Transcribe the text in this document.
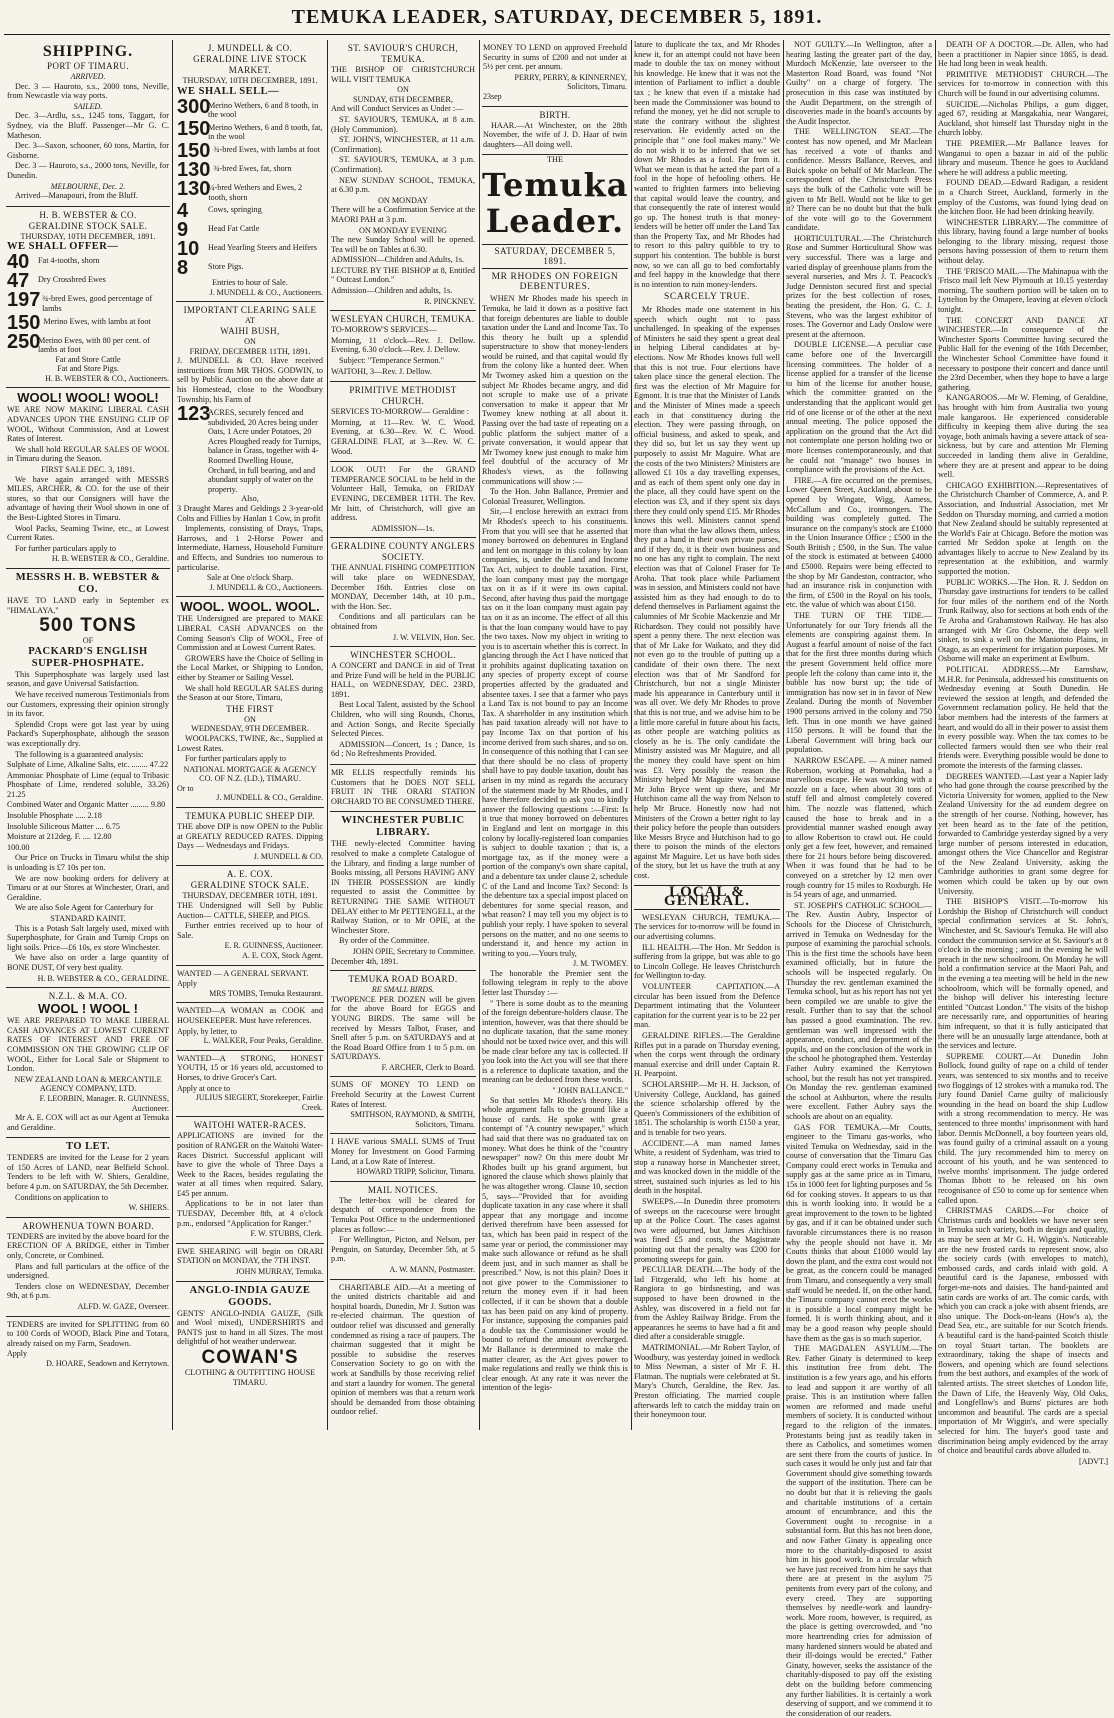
TEMUKA LEADER, SATURDAY, DECEMBER 5, 1891.
SHIPPING.
PORT OF TIMARU.
ARRIVED.

Dec. 3 — Hauroto, s.s., 2000 tons, Neville, from Newcastle via way ports.

SAILED.

Dec. 3—Ardlu, s.s., 1245 tons, Taggart, for Sydney, via the Bluff. Passenger—Mr G. C. Matheson.

Dec. 3—Saxon, schooner, 60 tons, Martin, for Gisborne.

Dec. 3 — Hauroto, s.s., 2000 tons, Neville, for Dunedin.

MELBOURNE, Dec. 2.

Arrived—Manapouri, from the Bluff.

H. B. WEBSTER & CO.
GERALDINE STOCK SALE.
THURSDAY, 10TH DECEMBER, 1891.
WE SHALL OFFER—
40	Fat 4-tooths, shorn
47	Dry Crossbred Ewes
197 ¾-bred Ewes, good percentage of lambs
150 Merino Ewes, with lambs at foot
250
Merino Ewes, with 80 per cent. of lambs at foot
Fat and Store Cattle
Fat and Store Pigs.
H. B. WEBSTER & CO., Auctioneers.
WOOL! WOOL! WOOL!

WE ARE NOW MAKING LIBERAL CASH ADVANCES UPON THE ENSUING CLIP OF WOOL, Without Commission, And at Lowest Rates of Interest.

We shall hold REGULAR SALES OF WOOL in Timaru during the Season.

FIRST SALE DEC. 3, 1891.

We have again arranged with MESSRS MILES, ARCHER, & CO. for the use of their stores, so that our Consigners will have the advantage of having their Wool shown in one of the Best-Lighted Stores in Timaru.

Wool Packs, Seaming Twine, etc., at Lowest Current Rates.

For further particulars apply to

H. B. WEBSTER & CO., Geraldine.
MESSRS H. B. WEBSTER & CO.

HAVE TO LAND early in September ex "HIMALAYA,"

500 TONS
OF
PACKARD'S ENGLISH SUPER-PHOSPHATE.

This Superphosphate was largely used last season, and gave Universal Satisfaction.

We have received numerous Testimonials from our Customers, expressing their opinion strongly in its favor.

Splendid Crops were got last year by using Packard's Superphosphate, although the season was exceptionally dry.

The following is a guaranteed analysis:

Sulphate of Lime, Alkaline Salts, etc. ........ 47.22

Ammoniac Phosphate of Lime (equal to Tribasic Phosphate of Lime, rendered soluble, 33.26) 21.25

Combined Water and Organic Matter ......... 9.80

Insoluble Phosphate ..... 2.18

Insoluble Siliceous Matter .... 6.75

Moisture at 212deg. F. .... 12.80

100.00

Our Price on Trucks in Timaru whilst the ship is unloading is £7 10s per ton.

We are now booking orders for delivery at Timaru or at our Stores at Winchester, Orari, and Geraldine.

We are also Sole Agent for Canterbury for

STANDARD KAINIT.

This is a Potash Salt largely used, mixed with Superphosphate, for Grain and Turnip Crops on light soils. Price—£6 10s, ex store Winchester.

We have also on order a large quantity of BONE DUST, Of very best quality.

H. B. WEBSTER & CO., GERALDINE.
N.Z.L. & M.A. CO.
WOOL ! WOOL !

WE ARE PREPARED TO MAKE LIBERAL CASH ADVANCES AT LOWEST CURRENT RATES OF INTEREST AND FREE OF COMMISSION ON THE GROWING CLIP OF WOOL, Either for Local Sale or Shipment to London.

NEW ZEALAND LOAN & MERCANTILE AGENCY COMPANY, LTD.
F. LEORBIN, Manager. R. GUINNESS, Auctioneer.

Mr A. E. COX will act as our Agent at Temuka and Geraldine.

TO LET.

TENDERS are invited for the Lease for 2 years of 150 Acres of LAND, near Belfield School. Tenders to be left with W. Shiers, Geraldine, before 4 p.m. on SATURDAY, the 5th December.

Conditions on application to

W. SHIERS.
AROWHENUA TOWN BOARD.

TENDERS are invited by the above board for the ERECTION OF A BRIDGE, either in Timber only, Concrete, or Combined.

Plans and full particulars at the office of the undersigned.

Tenders close on WEDNESDAY, December 9th, at 6 p.m.

ALFD. W. GAZE, Overseer.

TENDERS are invited for SPLITTING from 60 to 100 Cords of WOOD, Black Pine and Totara, already raised on my Farm, Seadown.

Apply
D. HOARE, Seadown and Kerrytown.
J. MUNDELL & CO.
GERALDINE LIVE STOCK MARKET.
THURSDAY, 10TH DECEMBER, 1891.
WE SHALL SELL—
300
Merino Wethers, 6 and 8 tooth, in the wool
150
Merino Wethers, 6 and 8 tooth, fat, in the wool
150 ¾-bred Ewes, with lambs at foot
130 ¾-bred Ewes, fat, shorn
130
¼-bred Wethers and Ewes, 2 tooth, shorn
4	Cows, springing
9	Head Fat Cattle
10	Head Yearling Steers and Heifers
8	Store Pigs.
Entries to hour of Sale.
J. MUNDELL & CO., Auctioneers.
IMPORTANT CLEARING SALE
AT
WAIHI BUSH,
ON
FRIDAY, DECEMBER 11TH, 1891.

J. MUNDELL & CO. Have received instructions from MR THOS. GODWIN, to sell by Public Auction on the above date at his Homestead, close to the Woodbury Township, his Farm of

123
ACRES, securely fenced and subdivided, 20 Acres being under Oats, 1 Acre under Potatoes, 20 Acres Ploughed ready for Turnips, balance in Grass, together with 4-Roomed Dwelling House, Orchard, in full bearing, and and abundant supply of water on the property.
Also,

3 Draught Mares and Geldings 2 3-year-old Colts and Fillies by Hanlan 1 Cow, in profit

Implements, consisting of Drays, Traps, Harrows, and 1 2-Horse Power and Intermediate, Harness, Household Furniture and Effects, and Sundries too numerous to particularise.

Sale at One o'clock Sharp.
J. MUNDELL & CO., Auctioneers.
WOOL. WOOL. WOOL.

THE Undersigned are prepared to MAKE LIBERAL CASH ADVANCES on the Coming Season's Clip of WOOL, Free of Commission and at Lowest Current Rates.

GROWERS have the Choice of Selling in the Local Market, or Shipping to London, either by Steamer or Sailing Vessel.

We shall hold REGULAR SALES during the Season at our Store, Timaru,

THE FIRST
ON
WEDNESDAY, 9TH DECEMBER.

WOOLPACKS, TWINE, &c., Supplied at Lowest Rates.

For further particulars apply to

NATIONAL MORTGAGE & AGENCY CO. OF N.Z. (LD.), TIMARU.
Or to
J. MUNDELL & CO., Geraldine.
TEMUKA PUBLIC SHEEP DIP.

THE above DIP is now OPEN to the Public at GREATLY REDUCED RATES. Dipping Days — Wednesdays and Fridays.

J. MUNDELL & CO.
A. E. COX.
GERALDINE STOCK SALE.
THURSDAY, DECEMBER 10TH, 1891.

THE Undersigned will Sell by Public Auction— CATTLE, SHEEP, and PIGS.

Further entries received up to hour of Sale.

E. R. GUINNESS, Auctioneer.
A. E. COX, Stock Agent.

WANTED — A GENERAL SERVANT.

Apply
MRS TOMBS, Temuka Restaurant.

WANTED—A WOMAN as COOK and HOUSEKEEPER. Must have references.

Apply, by letter, to
L. WALKER, Four Peaks, Geraldine.

WANTED—A STRONG, HONEST YOUTH, 15 or 16 years old, accustomed to Horses, to drive Grocer's Cart.

Apply at once to
JULIUS SIEGERT, Storekeeper, Fairlie Creek.
WAITOHI WATER-RACES.

APPLICATIONS are invited for the position of RANGER on the Waitohi Water-Races District. Successful applicant will have to give the whole of Three Days a Week to the Races, besides regulating the water at all times when required. Salary, £45 per annum.

Applications to be in not later than TUESDAY, December 8th, at 4 o'clock p.m., endorsed "Application for Ranger."

F. W. STUBBS, Clerk.

EWE SHEARING will begin on ORARI STATION on MONDAY, the 7TH INST.

JOHN MURRAY, Temuka.
ANGLO-INDIA GAUZE GOODS.

GENTS' ANGLO-INDIA GAUZE, (Silk and Wool mixed), UNDERSHIRTS and PANTS just to hand in all Sizes. The most delightful of hot weather underwear.

COWAN'S
CLOTHING & OUTFITTING HOUSE TIMARU.
ST. SAVIOUR'S CHURCH, TEMUKA.

THE BISHOP OF CHRISTCHURCH WILL VISIT TEMUKA

ON
SUNDAY, 6TH DECEMBER,

And will Conduct Services as Under :—

ST. SAVIOUR'S, TEMUKA, at 8 a.m. (Holy Communion).

ST. JOHN'S, WINCHESTER, at 11 a.m. (Confirmation).

ST. SAVIOUR'S, TEMUKA, at 3 p.m. (Confirmation).

NEW SUNDAY SCHOOL, TEMUKA, at 6.30 p.m.

ON MONDAY

There will be a Confirmation Service at the MAORI PAH at 3 p.m.

ON MONDAY EVENING

The new Sunday School will be opened. Tea will be on Tables at 6.30.

ADMISSION—Children and Adults, 1s.

LECTURE BY THE BISHOP at 8, Entitled " Outcast London."

Admission—Children and adults, 1s.

R. PINCKNEY.
WESLEYAN CHURCH, TEMUKA.

TO-MORROW'S SERVICES—

Morning, 11 o'clock—Rev. J. Dellow. Evening, 6.30 o'clock—Rev. J. Dellow.

Subject: "Temperance Sermon."

WAITOHI, 3—Rev. J. Dellow.

PRIMITIVE METHODIST CHURCH.

SERVICES TO-MORROW— Geraldine :

Morning, at 11—Rev. W. C. Wood. Evening, at 6.30—Rev. W. C. Wood. GERALDINE FLAT, at 3—Rev. W. C. Wood.

LOOK OUT! For the GRAND TEMPERANCE SOCIAL to be held in the Volunteer Hall, Temuka, on FRIDAY EVENING, DECEMBER 11TH. The Rev. Mr Isitt, of Christchurch, will give an address.

ADMISSION—1s.
GERALDINE COUNTY ANGLERS SOCIETY.

THE ANNUAL FISHING COMPETITION will take place on WEDNESDAY, December 16th. Entries close on MONDAY, December 14th, at 10 p.m., with the Hon. Sec.

Conditions and all particulars can be obtained from

J. W. VELVIN, Hon. Sec.
WINCHESTER SCHOOL.

A CONCERT and DANCE in aid of Treat and Prize Fund will be held in the PUBLIC HALL, on WEDNESDAY, DEC. 23RD, 1891.

Best Local Talent, assisted by the School Children, who will sing Rounds, Chorus, and Action Songs, and Recite Specially Selected Pieces.

ADMISSION—Concert, 1s ; Dance, 1s 6d ; No Refreshments Provided.

MR ELLIS respectfully reminds his Customers that he DOES NOT SELL FRUIT IN THE ORARI STATION ORCHARD TO BE CONSUMED THERE.

WINCHESTER PUBLIC LIBRARY.

THE newly-elected Committee having resolved to make a complete Catalogue of the Library, and finding a large number of Books missing, all Persons HAVING ANY IN THEIR POSSESSION are kindly requested to assist the Committee by RETURNING THE SAME WITHOUT DELAY either to Mr PETTENGELL, at the Railway Station, or to Mr OPIE, at the Winchester Store.

By order of the Committee.

JOHN OPIE, Secretary to Committee.
December 4th, 1891.
TEMUKA ROAD BOARD.
RE SMALL BIRDS.

TWOPENCE PER DOZEN will be given for the above Board for EGGS and YOUNG BIRDS. The same will be received by Messrs Talbot, Fraser, and Snell after 5 p.m. on SATURDAYS and at the Road Board Office from 1 to 5 p.m. on SATURDAYS.

F. ARCHER, Clerk to Board.

SUMS OF MONEY TO LEND on Freehold Security at the Lowest Current Rates of Interest.

SMITHSON, RAYMOND, & SMITH, Solicitors, Timaru.

I HAVE various SMALL SUMS of Trust Money for Investment on Good Farming Land, at a Low Rate of Interest.

HOWARD TRIPP, Solicitor, Timaru.
MAIL NOTICES.

The letter-box will be cleared for despatch of correspondence from the Temuka Post Office to the undermentioned places as follow:—

For Wellington, Picton, and Nelson, per Penguin, on Saturday, December 5th, at 5 p.m.

A. W. MANN, Postmaster.

CHARITABLE AID.—At a meeting of the united districts charitable aid and hospital boards, Dunedin, Mr J. Sutton was re-elected chairman. The question of outdoor relief was discussed and generally condemned as rising a race of paupers. The chairman suggested that it might be possible to subsidise the reserves Conservation Society to go on with the work at Sandhills by those receiving relief and start a laundry for women. The general opinion of members was that a return work should be demanded from those obtaining outdoor relief.

MONEY TO LEND on approved Freehold Security in sums of £200 and not under at 5½ per cent. per annum.

PERRY, PERRY, & KINNERNEY, Solicitors, Timaru.
23sep
BIRTH.

HAAR.—At Winchester, on the 28th November, the wife of J. D. Haar of twin daughters—All doing well.

THE
Temuka Leader.
SATURDAY, DECEMBER 5, 1891.
MR RHODES ON FOREIGN DEBENTURES.

WHEN Mr Rhodes made his speech in Temuka, he laid it down as a positive fact that foreign debentures are liable to double taxation under the Land and Income Tax. To this theory he built up a splendid superstructure to show that money-lenders would be ruined, and that capital would fly from the colony like a hunted deer. When Mr Twomey asked him a question on the subject Mr Rhodes became angry, and did not scruple to make use of a private conversation to make it appear that Mr Twomey knew nothing at all about it. Passing over the bad taste of repeating on a public platform the subject matter of a private conversation, it would appear that Mr Twomey knew just enough to make him feel doubtful of the accuracy of Mr Rhodes's views, as the following communications will show :—

To the Hon. John Ballance, Premier and Colonial Treasurer, Wellington.

Sir,—I enclose herewith an extract from Mr Rhodes's speech to his constituents. From that you will see that he asserted that money borrowed on debentures in England and lent on mortgage in this colony by loan companies, is, under the Land and Income Tax Act, subject to double taxation. First, the loan company must pay the mortgage tax on it as if it were its own capital. Second, after having thus paid the mortgage tax on it the loan company must again pay tax on it as an income. The effect of all this is that the loan company would have to pay the two taxes. Now my object in writing to you is to ascertain whether this is correct. In glancing through the Act I have noticed that it prohibits against duplicating taxation on any species of property except of course properties affected by the graduated and absentee taxes. I see that a farmer who pays a Land Tax is not bound to pay an Income Tax. A shareholder in any institution which has paid taxation already will not have to pay Income Tax on that portion of his income derived from such shares, and so on. In consequence of this nothing that I can see that there should be no class of property shall have to pay double taxation, doubt has arisen in my mind as regards the accuracy of the statement made by Mr Rhodes, and I have therefore decided to ask you to kindly answer the following questions :—First: Is it true that money borrowed on debentures in England and lent on mortgage in this colony by locally-registered loan companies is subject to double taxation ; that is, a mortgage tax, as if the money were a portion of the company's own share capital, and a debenture tax under clause 2, schedule C of the Land and Income Tax? Second: Is the debenture tax a special impost placed on debentures for some special reason, and what reason? I may tell you my object is to publish your reply. I have spoken to several persons on the matter, and no one seems to understand it, and hence my action in writing to you.—Yours truly,

J. M. TWOMEY.

The honorable the Premier sent the following telegram in reply to the above letter last Thursday :—

" There is some doubt as to the meaning of the foreign debenture-holders clause. The intention, however, was that there should be no duplicate taxation, that the same money should not be taxed twice over, and this will be made clear before any tax is collected. If you look into the Act you will see that there is a reference to duplicate taxation, and the meaning can be deduced from these words.

" JOHN BALLANCE."

So that settles Mr Rhodes's theory. His whole argument falls to the ground like a house of cards. He spoke with great contempt of "A country newspaper," which had said that there was no graduated tax on money. What does he think of the "country newspaper" now? On this mere doubt Mr Rhodes built up his grand argument, but ignored the clause which shows plainly that he was altogether wrong. Clause 10, section 5, says—"Provided that for avoiding duplicate taxation in any case where it shall appear that any mortgage and income derived therefrom have been assessed for tax, which has been paid in respect of the same year or period, the commissioner may make such allowance or refund as he shall deem just, and in such manner as shall be prescribed." Now, is not this plain? Does it not give power to the Commissioner to return the money even if it had been collected, if it can be shown that a double tax has been paid on any kind of property. For instance, supposing the companies paid a double tax the Commissioner would be bound to refund the amount overcharged. Mr Ballance is determined to make the matter clearer, as the Act gives power to make regulations and really we think this is clear enough. At any rate it was never the intention of the legis-

lature to duplicate the tax, and Mr Rhodes knew it, for an attempt could not have been made to double the tax on money without his knowledge. He knew that it was not the intention of Parliament to inflict a double tax ; he knew that even if a mistake had been made the Commissioner was bound to refund the money, yet he did not scruple to state the contrary without the slightest reservation. He evidently acted on the principle that " one fool makes many." We do not wish it to be inferred that we set down Mr Rhodes as a fool. Far from it. What we mean is that he acted the part of a fool in the hope of befooling others. He wanted to frighten farmers into believing that capital would leave the country, and that consequently the rate of interest would go up. The honest truth is that money-lenders will be better off under the Land Tax than the Property Tax, and Mr Rhodes had to resort to this paltry quibble to try to support his contention. The bubble is burst now, so we can all go to bed comfortably and feel happy in the knowledge that there is no intention to ruin money-lenders.

SCARCELY TRUE.

Mr Rhodes made one statement in his speech which ought not to pass unchallenged. In speaking of the expenses of Ministers he said they spent a great deal in helping Liberal candidates at by-elections. Now Mr Rhodes knows full well that this is not true. Four elections have taken place since the general election. The first was the election of Mr Maguire for Egmont. It is true that the Minister of Lands and the Minister of Mines made a speech each in that constituency during the election. They were passing through, on official business, and asked to speak, and they did so, but let us say they went up purposely to assist Mr Maguire. What are the costs of the two Ministers? Ministers are allowed £1 10s a day travelling expenses, and as each of them spent only one day in the place, all they could have spent on the election was £3, and if they spent six days there they could only spend £15. Mr Rhodes knows this well. Ministers cannot spend more than what the law allows them, unless they put a hand in their own private purses, and if they do, it is their own business and no one has any right to complain. The next election was that of Colonel Fraser for Te Aroha. That took place while Parliament was in session, and Ministers could not have assisted him as they had enough to do to defend themselves in Parliament against the calumnies of Mr Scobie Mackenzie and Mr Richardson. They could not possibly have spent a penny there. The next election was that of Mr Lake for Waikato, and they did not even go to the trouble of putting up a candidate of their own there. The next election was that of Mr Sandford for Christchurch, but not a single Minister made his appearance in Canterbury until it was all over. We defy Mr Rhodes to prove that this is not true, and we advise him to be a little more careful in future about his facts, as other people are watching politics as closely as he is. The only candidate the Ministry assisted was Mr Maguire, and all the money they could have spent on him was £3. Very possibly the reason the Ministry helped Mr Maguire was because Mr John Bryce went up there, and Mr Hutchison came all the way from Nelson to help Mr Bruce. Honestly now had not Ministers of the Crown a better right to lay their policy before the people than outsiders like Messrs Bryce and Hutchison had to go there to poison the minds of the electors against Mr Maguire. Let us have both sides of the story, but let us have the truth at any cost.

LOCAL & GENERAL.

WESLEYAN CHURCH, TEMUKA.—The services for to-morrow will be found in our advertising columns.

ILL HEALTH.—The Hon. Mr Seddon is suffering from la grippe, but was able to go to Lincoln College. He leaves Christchurch for Wellington to-day.

VOLUNTEER CAPITATION.—A circular has been issued from the Defence Department intimating that the Volunteer capitation for the current year is to be 22 per man.

GERALDINE RIFLES.—The Geraldine Rifles put in a parade on Thursday evening, when the corps went through the ordinary manual exercise and drill under Captain R. H. Pearpoint.

SCHOLARSHIP.—Mr H. H. Jackson, of University College, Auckland, has gained the science scholarship offered by the Queen's Commissioners of the exhibition of 1851. The scholarship is worth £150 a year, and is tenable for two years.

ACCIDENT.—A man named James White, a resident of Sydenham, was tried to stop a runaway horse in Manchester street, and was knocked down in the middle of the street, sustained such injuries as led to his death in the hospital.

SWEEPS.—In Dunedin three promoters of sweeps on the racecourse were brought up at the Police Court. The cases against two were adjourned, but James Aitchison was fined £5 and costs, the Magistrate pointing out that the penalty was £200 for promoting sweeps for gain.

PECULIAR DEATH.—The body of the lad Fitzgerald, who left his home at Rangiora to go birdsnesting, and was supposed to have been drowned in the Ashley, was discovered in a field not far from the Ashley Railway Bridge. From the appearances he seems to have had a fit and died after a considerable struggle.

MATRIMONIAL.—Mr Robert Taylor, of Woodbury, was yesterday joined in wedlock to Miss Newman, a sister of Mr F. H. Flatman. The nuptials were celebrated at St. Mary's Church, Geraldine, the Rev. Jas. Preston officiating. The married couple afterwards left to catch the midday train on their honeymoon tour.

NOT GUILTY.—In Wellington, after a hearing lasting the greater part of the day, Murdoch McKenzie, late overseer to the Masterton Road Board, was found "Not Guilty" on a charge of forgery. The prosecution in this case was instituted by the Audit Department, on the strength of discoveries made in the board's accounts by the Audit Inspector.

THE WELLINGTON SEAT.—The contest has now opened, and Mr Maclean has received a vote of thanks and confidence. Messrs Ballance, Reeves, and Buick spoke on behalf of Mr Maclean. The correspondent of the Christchurch Press says the bulk of the Catholic vote will be given to Mr Bell. Would not be like to get it? There can be no doubt but that the bulk of the vote will go to the Government candidate.

HORTICULTURAL.—The Christchurch Rose and Summer Horticultural Show was very successful. There was a large and varied display of greenhouse plants from the several nurseries, and Mrs J. T. Peacock's Judge Denniston secured first and special prizes for the best collection of roses, beating the president, the Hon. G. C. J. Stevens, who was the largest exhibitor of roses. The Governor and Lady Onslow were present at the afternoon.

DOUBLE LICENSE.—A peculiar case came before one of the Invercargill licensing committees. The holder of a license applied for a transfer of the license to him of the license for another house, which the committee granted on the understanding that the applicant would get rid of one license or of the other at the next annual meeting. The police opposed the application on the ground that the Act did not contemplate one person holding two or more licenses contemporaneously, and that he could not "manage" two houses in compliance with the provisions of the Act.

FIRE.—A fire occurred on the premises, Lower Queen Street, Auckland, about to be opened by Wingate, Wigg, Aamess, McCallum and Co., ironmongers. The building was completely gutted. The insurance on the company's stock are £1000 in the Union Insurance Office ; £500 in the South British ; £500, in the Sun. The value of the stock is estimated at between £4000 and £5000. Repairs were being effected to the shop by Mr Gandeston, contractor, who had an insurance risk in conjunction with the firm, of £500 in the Royal on his tools, etc. the value of which was about £150.

THE TURN OF THE TIDE.—Unfortunately for our Tory friends all the elements are conspiring against them. In August a fearful amount of noise of the fact that for the first three months during which the present Government held office more people left the colony than came into it, the bubble has now burst up; the tide of immigration has now set in in favor of New Zealand. During the month of November 1900 persons arrived in the colony and 750 left. Thus in one month we have gained 1150 persons. It will be found that the Liberal Government will bring back our population.

NARROW ESCAPE. — A miner named Robertson, working at Pomahaka, had a marvellous escape. He was working with a nozzle on a face, when about 30 tons of stuff fell and almost completely covered him. The nozzle was flattened, which caused the hose to break and in a providential manner washed enough away to allow Robertson to crawl out. He could only get a few feet, however, and remained there for 21 hours before being discovered. When it was found that he had to be conveyed on a stretcher by 12 men over rough country for 15 miles to Roxburgh. He is 54 years of age, and unmarried.

ST. JOSEPH'S CATHOLIC SCHOOL.—The Rev. Austin Aubry, Inspector of Schools for the Diocese of Christchurch, arrived in Temuka on Wednesday for the purpose of examining the parochial schools. This is the first time the schools have been examined officially, but in future the schools will be inspected regularly. On Thursday the rev. gentleman examined the Temuka school, but as his report has not yet been compiled we are unable to give the result. Further than to say that the school has passed a good examination. The rev. gentleman was well impressed with the appearance, conduct, and deportment of the pupils, and on the conclusion of the work in the school he photographed them. Yesterday Father Aubry examined the Kerrytown school, but the result has not yet transpired. On Monday the rev. gentleman examined the school at Ashburton, where the results were excellent. Father Aubry says the schools are about on an equality.

GAS FOR TEMUKA.—Mr Coutts, engineer to the Timaru gas-works, who visited Temuka on Wednesday, said in the course of conversation that the Timaru Gas Company could erect works in Temuka and supply gas at the same price as in Timaru, 15s in 1000 feet for lighting purposes and 5s 6d for cooking stoves. It appears to us that this is worth looking into. It would be a great improvement to the town to be lighted by gas, and if it can be obtained under such favorable circumstances there is no reason why the people should not have it. Mr Coutts thinks that about £1000 would lay down the plant, and the extra cost would not be great, as the concern could be managed from Timaru, and consequently a very small staff would be needed. If, on the other hand, the Timaru company cannot erect the works it is possible a local company might be formed. It is worth thinking about, and it may be a good reason why people should have them as the gas is so much superior.

THE MAGDALEN ASYLUM.—The Rev. Father Ginaty is determined to keep this institution free from debt. The institution is a few years ago, and his efforts to lead and support it are worthy of all praise. This is an institution where fallen women are reformed and made useful members of society. It is conducted without regard to the religion of the inmates. Protestants being just as readily taken in there as Catholics, and sometimes women are sent there from the courts of justice. In such cases it would be only just and fair that Government should give something towards the support of the institution. There can be no doubt but that it is relieving the gaols and charitable institutions of a certain amount of encumbrance, and this the Government ought to recognise in a substantial form. But this has not been done, and now Father Ginaty is appealing once more to the charitably-disposed to assist him in his good work. In a circular which we have just received from him he says that there are at present in the asylum 75 penitents from every part of the colony, and every creed. They are supporting themselves by needle-work and laundry-work. More room, however, is required, as the place is getting overcrowded, and "no more heartrending cries for admission of many hardened sinners would be abated and their ill-doings would be erected." Father Ginaty, however, seeks the assistance of the charitably-disposed to pay off the existing debt on the building before commencing any further liabilities. It is certainly a work deserving of support, and we commend it to the consideration of our readers.

DEATH OF A DOCTOR.—Dr. Allen, who had been a practitioner in Napier since 1865, is dead. He had long been in weak health.

PRIMITIVE METHODIST CHURCH.—The services for to-morrow in connection with this Church will be found in our advertising columns.

SUICIDE.—Nicholas Philips, a gum digger, aged 67, residing at Mangakahia, near Wangarei, Auckland, shot himself last Thursday night in the church lobby.

THE PREMIER.—Mr Ballance leaves for Wanganui to open a bazaar in aid of the public library and museum. Thence he goes to Auckland where he will address a public meeting.

FOUND DEAD.—Edward Radigan, a resident in a Church Street, Auckland, formerly in the employ of the Customs, was found lying dead on the kitchen floor. He had been drinking heavily.

WINCHESTER LIBRARY.—The committee of this library, having found a large number of books belonging to the library missing, request those persons having possession of them to return them without delay.

THE 'FRISCO MAIL.—The Mahinapua with the 'Frisco mail left New Plymouth at 10.15 yesterday morning. The southern portion will be taken on to Lyttelton by the Omapere, leaving at eleven o'clock tonight.

THE CONCERT AND DANCE AT WINCHESTER.—In consequence of the Winchester Sports Committee having secured the Public Hall for the evening of the 16th December, the Winchester School Committee have found it necessary to postpone their concert and dance until the 23rd December, when they hope to have a large gathering.

KANGAROOS.—Mr W. Fleming, of Geraldine, has brought with him from Australia two young male kangaroos. He experienced considerable difficulty in keeping them alive during the sea voyage, both animals having a severe attack of sea-sickness, but by care and attention Mr Fleming succeeded in landing them alive in Geraldine, where they are at present and appear to be doing well.

CHICAGO EXHIBITION.—Representatives of the Christchurch Chamber of Commerce, A. and P. Association, and Industrial Association, met Mr Seddon on Thursday morning, and carried a motion that New Zealand should be suitably represented at the World's Fair at Chicago. Before the motion was carried Mr Seddon spoke at length on the advantages likely to accrue to New Zealand by its representation at the exhibition, and warmly supported the motion.

PUBLIC WORKS.—The Hon. R. J. Seddon on Thursday gave instructions for tenders to be called for four miles of the northern end of the North Trunk Railway, also for sections at both ends of the Te Aroha and Grahamstown Railway. He has also arranged with Mr Gro Osborne, the deep well sinker, to sink a well on the Maniototo Plains, in Otago, as an experiment for irrigation purposes. Mr Osborne will make an experiment at Ewlburn.

POLITICAL ADDRESS.—Mr Earnshaw, M.H.R. for Peninsula, addressed his constituents on Wednesday evening at South Dunedin. He reviewed the session at length, and defended the Government reclamation policy. He held that the labor members had the interests of the farmers at heart, and would do all in their power to assist them in every possible way. When the tax comes to be collected farmers would then see who their real friends were. Everything possible would be done to promote the interests of the farming classes.

DEGREES WANTED.—Last year a Napier lady who had gone through the course prescribed by the Victoria University for women, applied to the New Zealand University for the ad eundem degree on the strength of her course. Nothing, however, has yet been heard as to the fate of the petition, forwarded to Cambridge yesterday signed by a very large number of persons interested in education, amongst others the Vice Chancellor and Registrar of the New Zealand University, asking the Cambridge authorities to grant some degree for women which could be taken up by our own University.

THE BISHOP'S VISIT.—To-morrow his Lordship the Bishop of Christchurch will conduct special confirmation services at St. John's, Winchester, and St. Saviour's Temuka. He will also conduct the communion service at St. Saviour's at 8 o'clock in the morning ; and in the evening he will preach in the new schoolroom. On Monday he will hold a confirmation service at the Maori Pah, and in the evening a tea meeting will be held in the new schoolroom, which will be formally opened, and the bishop will deliver his interesting lecture entitled "Outcast London." The visits of the bishop are necessarily rare, and opportunities of hearing him infrequent, so that it is fully anticipated that there will be an unusually large attendance, both at the services and lecture.

SUPREME COURT.—At Dunedin John Bollock, found guilty of rape on a child of tender years, was sentenced to six months and to receive two floggings of 12 strokes with a manuka rod. The jury found Daniel Carne guilty of maliciously wounding in the head on board the ship Ludlow with a strong recommendation to mercy. He was sentenced to three months' imprisonment with hard labor. Dennis McDonnell, a boy fourteen years old, was found guilty of a criminal assault on a young child. The jury recommended him to mercy on account of his youth, and he was sentenced to twelve months' imprisonment. The judge ordered Thomas Ibbott to be released on his own recognisance of £50 to come up for sentence when called upon.

CHRISTMAS CARDS.—For choice of Christmas cards and booklets we have never seen in Temuka such variety, both in design and quality, as may be seen at Mr G. H. Wiggin's. Noticeable are the new frosted cards to represent snow, also the society cards (with envelopes to match), embossed cards, and cards inlaid with gold. A beautiful card is the Japanese, embossed with forget-me-nots and daisies. The hand-painted and satin cards are works of art. The comic cards, with which you can crack a joke with absent friends, are also unique. The Dock-on-leans (How's a), the Dead Sea, etc., are suitable for our Scotch friends. A beautiful card is the hand-painted Scotch thistle on royal Stuart tartan. The booklets are extraordinary, taking the shape of insects and flowers, and opening which are found selections from the best authors, and examples of the work of talented artists. The street sketches of London life, the Dawn of Life, the Heavenly Way, Old Oaks, and Longfellow's and Burns' pictures are both uncommon and beautiful. The cards are a special importation of Mr Wiggin's, and were specially selected for him. The buyer's good taste and discrimination being amply evidenced by the array of choice and beautiful cards above alluded to.

[ADVT.]
